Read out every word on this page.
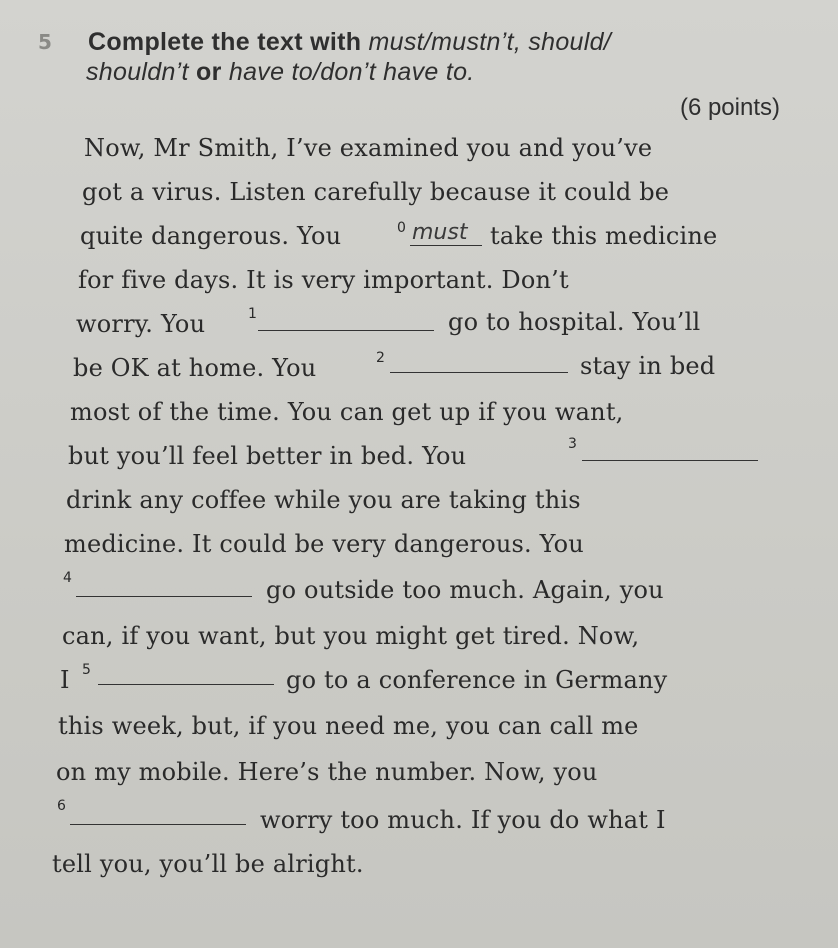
5 Complete the text with must/mustn’t, should/
shouldn’t or have to/don’t have to.
(6 points)
Now, Mr Smith, I’ve examined you and you’ve
got a virus. Listen carefully because it could be
quite dangerous. You	0 must take this medicine
for five days. It is very important. Don’t
worry. You	1	go to hospital. You’ll
be OK at home. You	2	stay in bed
most of the time. You can get up if you want,
but you’ll feel better in bed. You	3
drink any coffee while you are taking this
medicine. It could be very dangerous. You
4	go outside too much. Again, you
can, if you want, but you might get tired. Now,
I 5	go to a conference in Germany
this week, but, if you need me, you can call me
on my mobile. Here’s the number. Now, you
6	worry too much. If you do what I
tell you, you’ll be alright.
